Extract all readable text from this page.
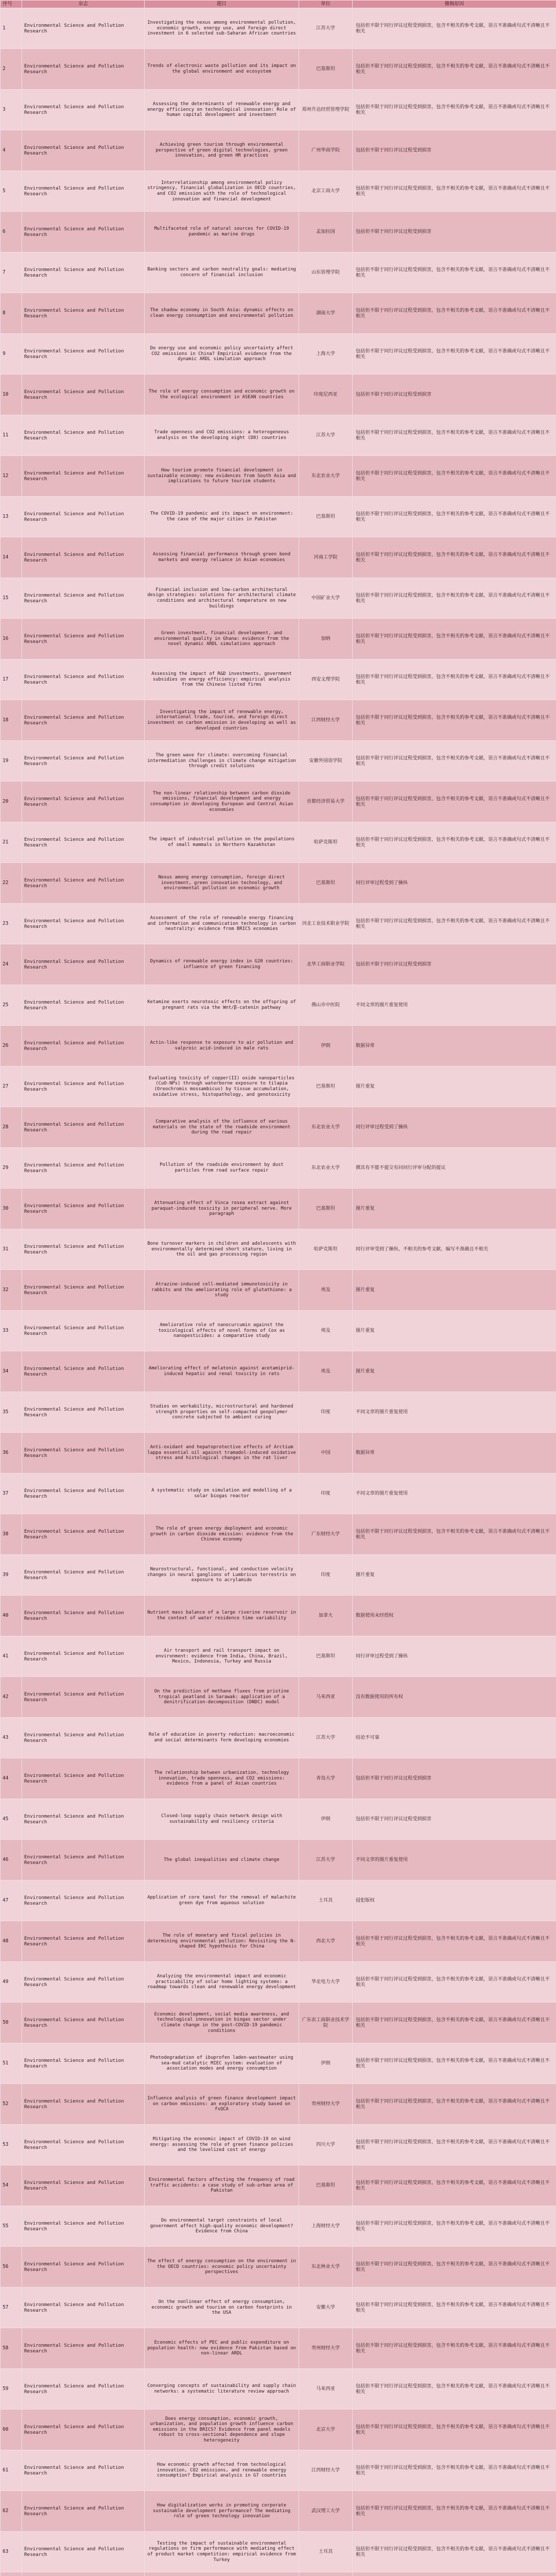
序号	杂志	题目	单位	撤稿原因
1	Environmental Science and Pollution Research	Investigating the nexus among environmental pollution, economic growth, energy use, and foreign direct investment in 6 selected sub-Saharan African countries	江苏大学	包括但不限于同行评议过程受到损害，包含不相关的参考文献，语言不准确或句式不清晰且不相关
2	Environmental Science and Pollution Research	Trends of electronic waste pollution and its impact on the global environment and ecosystem	巴基斯坦	包括但不限于同行评议过程受到损害，包含不相关的参考文献，语言不准确或句式不清晰且不相关
3	Environmental Science and Pollution Research	Assessing the determinants of renewable energy and energy efficiency on technological innovation: Role of human capital development and investment	郑州升达经贸管理学院	包括但不限于同行评议过程受到损害，包含不相关的参考文献，语言不准确或句式不清晰且不相关
4	Environmental Science and Pollution Research	Achieving green tourism through environmental perspective of green digital technologies, green innovation, and green HR practices	广州华商学院	包括但不限于同行评议过程受到损害
5	Environmental Science and Pollution Research	Interrelationship among environmental policy stringency, financial globalization in OECD countries, and CO2 emission with the role of technological innovation and financial development	北京工商大学	包括但不限于同行评议过程受到损害，包含不相关的参考文献，语言不准确或句式不清晰且不相关
6	Environmental Science and Pollution Research	Multifaceted role of natural sources for COVID-19 pandemic as marine drugs	孟加拉国	包括但不限于同行评议过程受到损害
7	Environmental Science and Pollution Research	Banking sectors and carbon neutrality goals: mediating concern of financial inclusion	山东管理学院	包括但不限于同行评议过程受到损害，包含不相关的参考文献，语言不准确或句式不清晰且不相关
8	Environmental Science and Pollution Research	The shadow economy in South Asia: dynamic effects on clean energy consumption and environmental pollution	湖南大学	包括但不限于同行评议过程受到损害，包含不相关的参考文献，语言不准确或句式不清晰且不相关
9	Environmental Science and Pollution Research	Do energy use and economic policy uncertainty affect CO2 emissions in China? Empirical evidence from the dynamic ARDL simulation approach	上海大学	包括但不限于同行评议过程受到损害，包含不相关的参考文献，语言不准确或句式不清晰且不相关
10	Environmental Science and Pollution Research	The role of energy consumption and economic growth on the ecological environment in ASEAN countries	印度尼西亚	包括但不限于同行评议过程受到损害
11	Environmental Science and Pollution Research	Trade openness and CO2 emissions: a heterogeneous analysis on the developing eight (D8) countries	江苏大学	包括但不限于同行评议过程受到损害，包含不相关的参考文献，语言不准确或句式不清晰且不相关
12	Environmental Science and Pollution Research	How tourism promote financial development in sustainable economy: new evidences from South Asia and implications to future tourism students	东北农业大学	包括但不限于同行评议过程受到损害，包含不相关的参考文献，语言不准确或句式不清晰且不相关
13	Environmental Science and Pollution Research	The COVID-19 pandemic and its impact on environment: the case of the major cities in Pakistan	巴基斯坦	包括但不限于同行评议过程受到损害，包含不相关的参考文献，语言不准确或句式不清晰且不相关
14	Environmental Science and Pollution Research	Assessing financial performance through green bond markets and energy reliance in Asian economies	河南工学院	包括但不限于同行评议过程受到损害，包含不相关的参考文献，语言不准确或句式不清晰且不相关
15	Environmental Science and Pollution Research	Financial inclusion and low-carbon architectural design strategies: solutions for architectural climate conditions and architectural temperature on new buildings	中国矿业大学	包括但不限于同行评议过程受到损害，包含不相关的参考文献，语言不准确或句式不清晰且不相关
16	Environmental Science and Pollution Research	Green investment, financial development, and environmental quality in Ghana: evidence from the novel dynamic ARDL simulations approach	加纳	包括但不限于同行评议过程受到损害，包含不相关的参考文献，语言不准确或句式不清晰且不相关
17	Environmental Science and Pollution Research	Assessing the impact of R&D investments, government subsidies on energy efficiency: empirical analysis from the Chinese listed firms	西安文理学院	包括但不限于同行评议过程受到损害，包含不相关的参考文献，语言不准确或句式不清晰且不相关
18	Environmental Science and Pollution Research	Investigating the impact of renewable energy, international trade, tourism, and foreign direct investment on carbon emission in developing as well as developed countries	江西财经大学	包括但不限于同行评议过程受到损害，包含不相关的参考文献，语言不准确或句式不清晰且不相关
19	Environmental Science and Pollution Research	The green wave for climate: overcoming financial intermediation challenges in climate change mitigation through credit solutions	安徽外国语学院	包括但不限于同行评议过程受到损害，包含不相关的参考文献，语言不准确或句式不清晰且不相关
20	Environmental Science and Pollution Research	The non-linear relationship between carbon dioxide emissions, financial development and energy consumption in developing European and Central Asian economies	首都经济贸易大学	包括但不限于同行评议过程受到损害，包含不相关的参考文献，语言不准确或句式不清晰且不相关
21	Environmental Science and Pollution Research	The impact of industrial pollution on the populations of small mammals in Northern Kazakhstan	哈萨克斯坦	包括但不限于同行评议过程受到损害，包含不相关的参考文献，语言不准确或句式不清晰且不相关
22	Environmental Science and Pollution Research	Nexus among energy consumption, foreign direct investment, green innovation technology, and environmental pollution on economic growth	巴基斯坦	同行评审过程受到了操纵
23	Environmental Science and Pollution Research	Assessment of the role of renewable energy financing and information and communication technology in carbon neutrality: evidence from BRICS economies	河北工业技术职业学院	包括但不限于同行评议过程受到损害，包含不相关的参考文献，语言不准确或句式不清晰且不相关
24	Environmental Science and Pollution Research	Dynamics of renewable energy index in G20 countries: influence of green financing	北华工商职业学院	包括但不限于同行评议过程受到损害
25	Environmental Science and Pollution Research	Ketamine exerts neurotoxic effects on the offspring of pregnant rats via the Wnt/β-catenin pathway	佛山市中医院	不同文章的图片重复使用
26	Environmental Science and Pollution Research	Actin-like response to exposure to air pollution and valproic acid-induced in male rats	伊朗	数据异常
27	Environmental Science and Pollution Research	Evaluating toxicity of copper(II) oxide nanoparticles (CuO-NPs) through waterborne exposure to tilapia (Oreochromis mossambicus) by tissue accumulation, oxidative stress, histopathology, and genotoxicity	巴基斯坦	图片重复
28	Environmental Science and Pollution Research	Comparative analysis of the influence of various materials on the state of the roadside environment during the road repair	东北农业大学	同行评审过程受到了操纵
29	Environmental Science and Pollution Research	Pollution of the roadside environment by dust particles from road surface repair	东北农业大学	撰其有不能不提交有问同行评审分配的提议
30	Environmental Science and Pollution Research	Attenuating effect of Vinca rosea extract against paraquat-induced toxicity in peripheral nerve. More paragraph	巴基斯坦	图片重复
31	Environmental Science and Pollution Research	Bone turnover markers in children and adolescents with environmentally determined short stature, living in the oil and gas processing region	哈萨克斯坦	同行评审受到了操纵，不相关的参考文献，编写不准确且不相关
32	Environmental Science and Pollution Research	Atrazine-induced cell-mediated immunotoxicity in rabbits and the ameliorating role of glutathione: a study	埃及	图片重复
33	Environmental Science and Pollution Research	Ameliorative role of nanocurcumin against the toxicological effects of novel forms of Cox as nanopesticides: a comparative study	埃及	图片重复
34	Environmental Science and Pollution Research	Ameliorating effect of melatonin against acetamiprid-induced hepatic and renal toxicity in rats	埃及	图片重复
35	Environmental Science and Pollution Research	Studies on workability, microstructural and hardened strength properties on self-compacted geopolymer concrete subjected to ambient curing	印度	不同文章的图片重复使用
36	Environmental Science and Pollution Research	Anti-oxidant and hepatoprotective effects of Arctium lappa essential oil against tramadol-induced oxidative stress and histological changes in the rat liver	中国	数据异常
37	Environmental Science and Pollution Research	A systematic study on simulation and modelling of a solar biogas reactor	印度	不同文章的图片重复使用
38	Environmental Science and Pollution Research	The role of green energy deployment and economic growth in carbon dioxide emission: evidence from the Chinese economy	广东财经大学	包括但不限于同行评议过程受到损害，包含不相关的参考文献，语言不准确或句式不清晰且不相关
39	Environmental Science and Pollution Research	Neurostructural, functional, and conduction velocity changes in neural ganglions of Lumbricus terrestris on exposure to acrylamide	印度	图片重复
40	Environmental Science and Pollution Research	Nutrient mass balance of a large riverine reservoir in the context of water residence time variability	加拿大	数据使用未经授权
41	Environmental Science and Pollution Research	Air transport and rail transport impact on environment: evidence from India, China, Brazil, Mexico, Indonesia, Turkey and Russia	巴基斯坦	同行评审过程受到了操纵
42	Environmental Science and Pollution Research	On the prediction of methane fluxes from pristine tropical peatland in Sarawak: application of a denitrification-decomposition (DNDC) model	马来西亚	没有数据使用的所有权
43	Environmental Science and Pollution Research	Role of education in poverty reduction: macroeconomic and social determinants form developing economies	江苏大学	结论不可靠
44	Environmental Science and Pollution Research	The relationship between urbanization, technology innovation, trade openness, and CO2 emissions: evidence from a panel of Asian countries	青岛大学	包括但不限于同行评议过程受到损害
45	Environmental Science and Pollution Research	Closed-loop supply chain network design with sustainability and resiliency criteria	伊朗	包括但不限于同行评议过程受到损害
46	Environmental Science and Pollution Research	The global inequalities and climate change	江苏大学	不同文章的图片重复使用
47	Environmental Science and Pollution Research	Application of core taxol for the removal of malachite green dye from aqueous solution	土耳其	侵犯版权
48	Environmental Science and Pollution Research	The role of monetary and fiscal policies in determining environmental pollution: Revisiting the N-shaped EKC hypothesis for China	西北大学	包括但不限于同行评议过程受到损害，包含不相关的参考文献，语言不准确或句式不清晰且不相关
49	Environmental Science and Pollution Research	Analyzing the environmental impact and economic practicability of solar home lighting systems: a roadmap towards clean and renewable energy development	华北电力大学	包括但不限于同行评议过程受到损害，包含不相关的参考文献，语言不准确或句式不清晰且不相关
50	Environmental Science and Pollution Research	Economic development, social media awareness, and technological innovation in biogas sector under climate change in the post-COVID-19 pandemic conditions	广东农工商职业技术学院	包括但不限于同行评议过程受到损害，包含不相关的参考文献，语言不准确或句式不清晰且不相关
51	Environmental Science and Pollution Research	Photodegradation of ibuprofen laden-wastewater using sea-mud catalytic MIEC system: evaluation of association modes and energy consumption	伊朗	包括但不限于同行评议过程受到损害，包含不相关的参考文献，语言不准确或句式不清晰且不相关
52	Environmental Science and Pollution Research	Influence analysis of green finance development impact on carbon emissions: an exploratory study based on fsQCA	贵州财经大学	包括但不限于同行评议过程受到损害，包含不相关的参考文献，语言不准确或句式不清晰且不相关
53	Environmental Science and Pollution Research	Mitigating the economic impact of COVID-19 on wind energy: assessing the role of green finance policies and the levelized cost of energy	四川大学	包括但不限于同行评议过程受到损害，包含不相关的参考文献，语言不准确或句式不清晰且不相关
54	Environmental Science and Pollution Research	Environmental factors affecting the frequency of road traffic accidents: a case study of sub-urban area of Pakistan	巴基斯坦	包括但不限于同行评议过程受到损害，包含不相关的参考文献，语言不准确或句式不清晰且不相关
55	Environmental Science and Pollution Research	Do environmental target constraints of local government affect high-quality economic development? Evidence from China	上海财经大学	包括但不限于同行评议过程受到损害，包含不相关的参考文献，语言不准确或句式不清晰且不相关
56	Environmental Science and Pollution Research	The effect of energy consumption on the environment in the OECD countries: economic policy uncertainty perspectives	东北林业大学	包括但不限于同行评议过程受到损害，包含不相关的参考文献，语言不准确或句式不清晰且不相关
57	Environmental Science and Pollution Research	On the nonlinear effect of energy consumption, economic growth and tourism on carbon footprints in the USA	安徽大学	包括但不限于同行评议过程受到损害，包含不相关的参考文献，语言不准确或句式不清晰且不相关
58	Environmental Science and Pollution Research	Economic effects of PEC and public expenditure on population health: new evidence from Pakistan based on non-linear ARDL	贵州财经大学	包括但不限于同行评议过程受到损害，包含不相关的参考文献，语言不准确或句式不清晰且不相关
59	Environmental Science and Pollution Research	Converging concepts of sustainability and supply chain networks: a systematic literature review approach	马来西亚	包括但不限于同行评议过程受到损害，包含不相关的参考文献，语言不准确或句式不清晰且不相关
60	Environmental Science and Pollution Research	Does energy consumption, economic growth, urbanization, and population growth influence carbon emissions in the BRICS? Evidence from panel models robust to cross-sectional dependence and slope heterogeneity	北京大学	包括但不限于同行评议过程受到损害，包含不相关的参考文献，语言不准确或句式不清晰且不相关
61	Environmental Science and Pollution Research	How economic growth affected from technological innovation, CO2 emissions, and renewable energy consumption? Empirical analysis in G7 countries	江西财经大学	包括但不限于同行评议过程受到损害，包含不相关的参考文献，语言不准确或句式不清晰且不相关
62	Environmental Science and Pollution Research	How digitalization works in promoting corporate sustainable development performance? The mediating role of green technology innovation	武汉理工大学	包括但不限于同行评议过程受到损害，包含不相关的参考文献，语言不准确或句式不清晰且不相关
63	Environmental Science and Pollution Research	Testing the impact of sustainable environmental regulations on firm performance with mediating effect of product market competition: empirical evidence from Turkey	土耳其	包括但不限于同行评议过程受到损害，包含不相关的参考文献，语言不准确或句式不清晰且不相关
